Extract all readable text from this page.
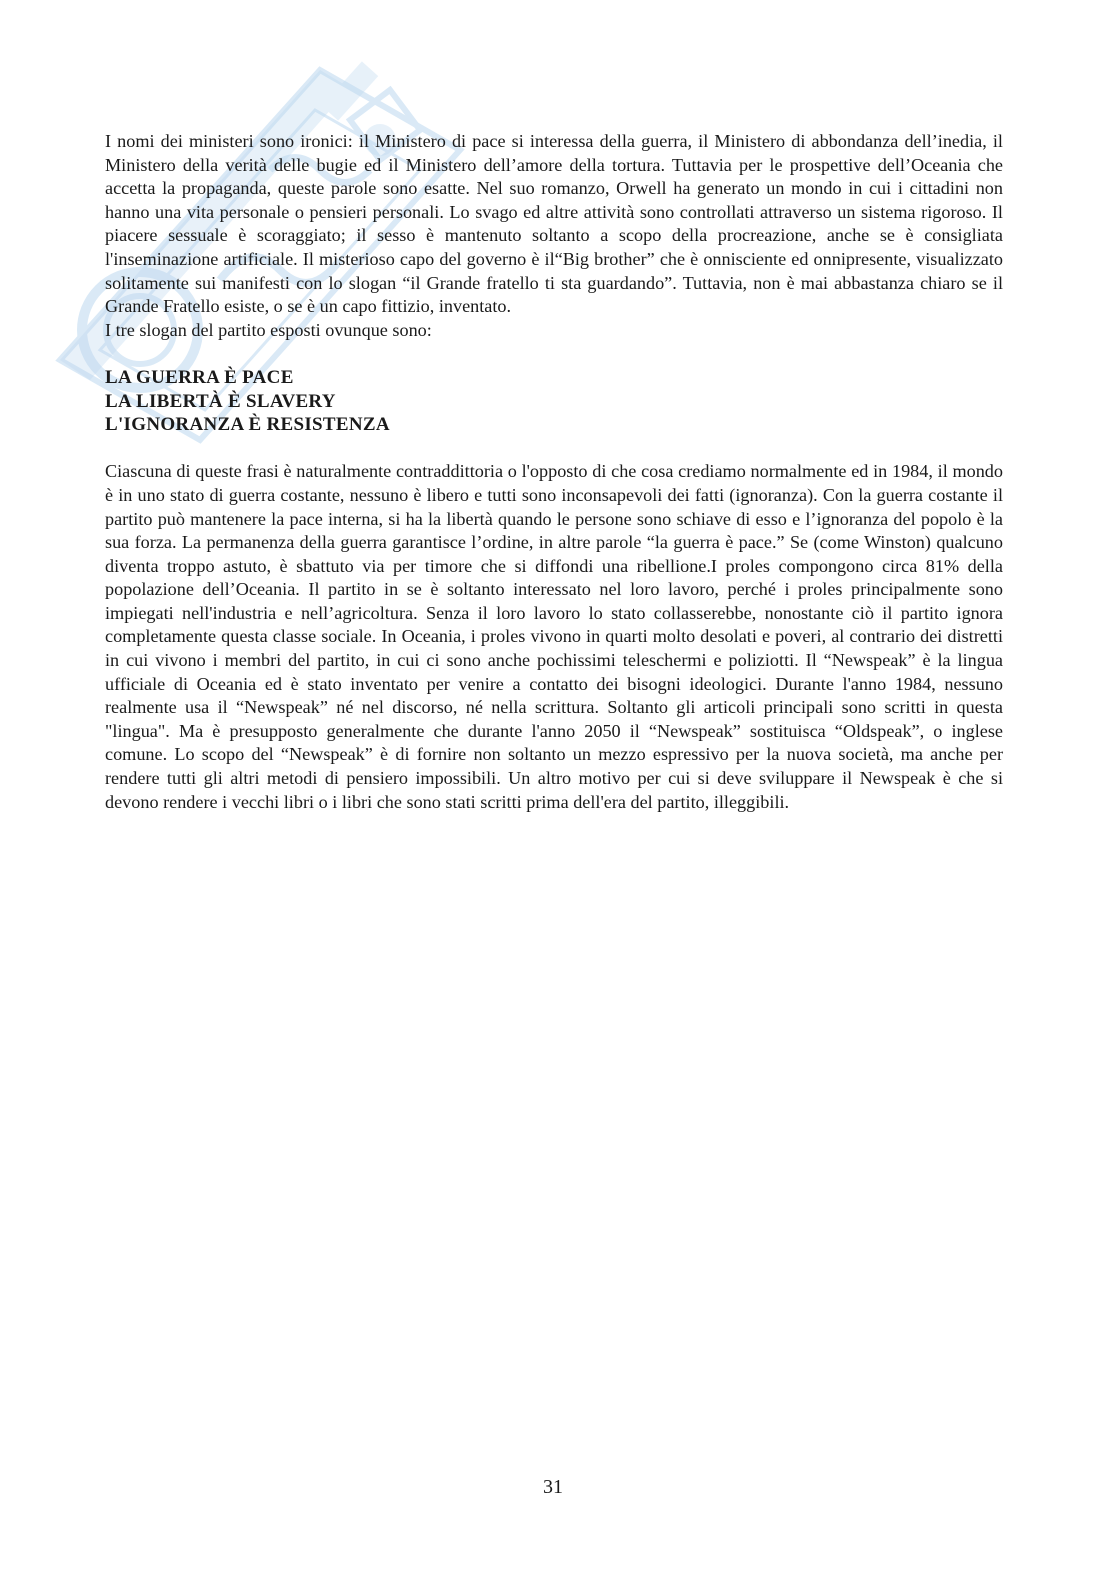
I nomi dei ministeri sono ironici: il Ministero di pace si interessa della guerra, il Ministero di abbondanza dell’inedia, il Ministero della verità delle bugie ed il Ministero dell’amore della tortura. Tuttavia per le prospettive dell’Oceania che accetta la propaganda, queste parole sono esatte. Nel suo romanzo, Orwell ha generato un mondo in cui i cittadini non hanno una vita personale o pensieri personali. Lo svago ed altre attività sono controllati attraverso un sistema rigoroso. Il piacere sessuale è scoraggiato; il sesso è mantenuto soltanto a scopo della procreazione, anche se è consigliata l'inseminazione artificiale. Il misterioso capo del governo è il“Big brother” che è onnisciente ed onnipresente, visualizzato solitamente sui manifesti con lo slogan “il Grande fratello ti sta guardando”. Tuttavia, non è mai abbastanza chiaro se il Grande Fratello esiste, o se è un capo fittizio, inventato.

I tre slogan del partito esposti ovunque sono:

LA GUERRA È PACE
LA LIBERTÀ È SLAVERY
L'IGNORANZA È RESISTENZA

Ciascuna di queste frasi è naturalmente contraddittoria o l'opposto di che cosa crediamo normalmente ed in 1984, il mondo è in uno stato di guerra costante, nessuno è libero e tutti sono inconsapevoli dei fatti (ignoranza). Con la guerra costante il partito può mantenere la pace interna, si ha la libertà quando le persone sono schiave di esso e l’ignoranza del popolo è la sua forza. La permanenza della guerra garantisce l’ordine, in altre parole “la guerra è pace.” Se (come Winston) qualcuno diventa troppo astuto, è sbattuto via per timore che si diffondi una ribellione.I proles compongono circa 81% della popolazione dell’Oceania. Il partito in se è soltanto interessato nel loro lavoro, perché i proles principalmente sono impiegati nell'industria e nell’agricoltura. Senza il loro lavoro lo stato collasserebbe, nonostante ciò il partito ignora completamente questa classe sociale. In Oceania, i proles vivono in quarti molto desolati e poveri, al contrario dei distretti in cui vivono i membri del partito, in cui ci sono anche pochissimi teleschermi e poliziotti. Il “Newspeak” è la lingua ufficiale di Oceania ed è stato inventato per venire a contatto dei bisogni ideologici. Durante l'anno 1984, nessuno realmente usa il “Newspeak” né nel discorso, né nella scrittura. Soltanto gli articoli principali sono scritti in questa "lingua". Ma è presupposto generalmente che durante l'anno 2050 il “Newspeak” sostituisca “Oldspeak”, o inglese comune. Lo scopo del “Newspeak” è di fornire non soltanto un mezzo espressivo per la nuova società, ma anche per rendere tutti gli altri metodi di pensiero impossibili. Un altro motivo per cui si deve sviluppare il Newspeak è che si devono rendere i vecchi libri o i libri che sono stati scritti prima dell'era del partito, illeggibili.

31
